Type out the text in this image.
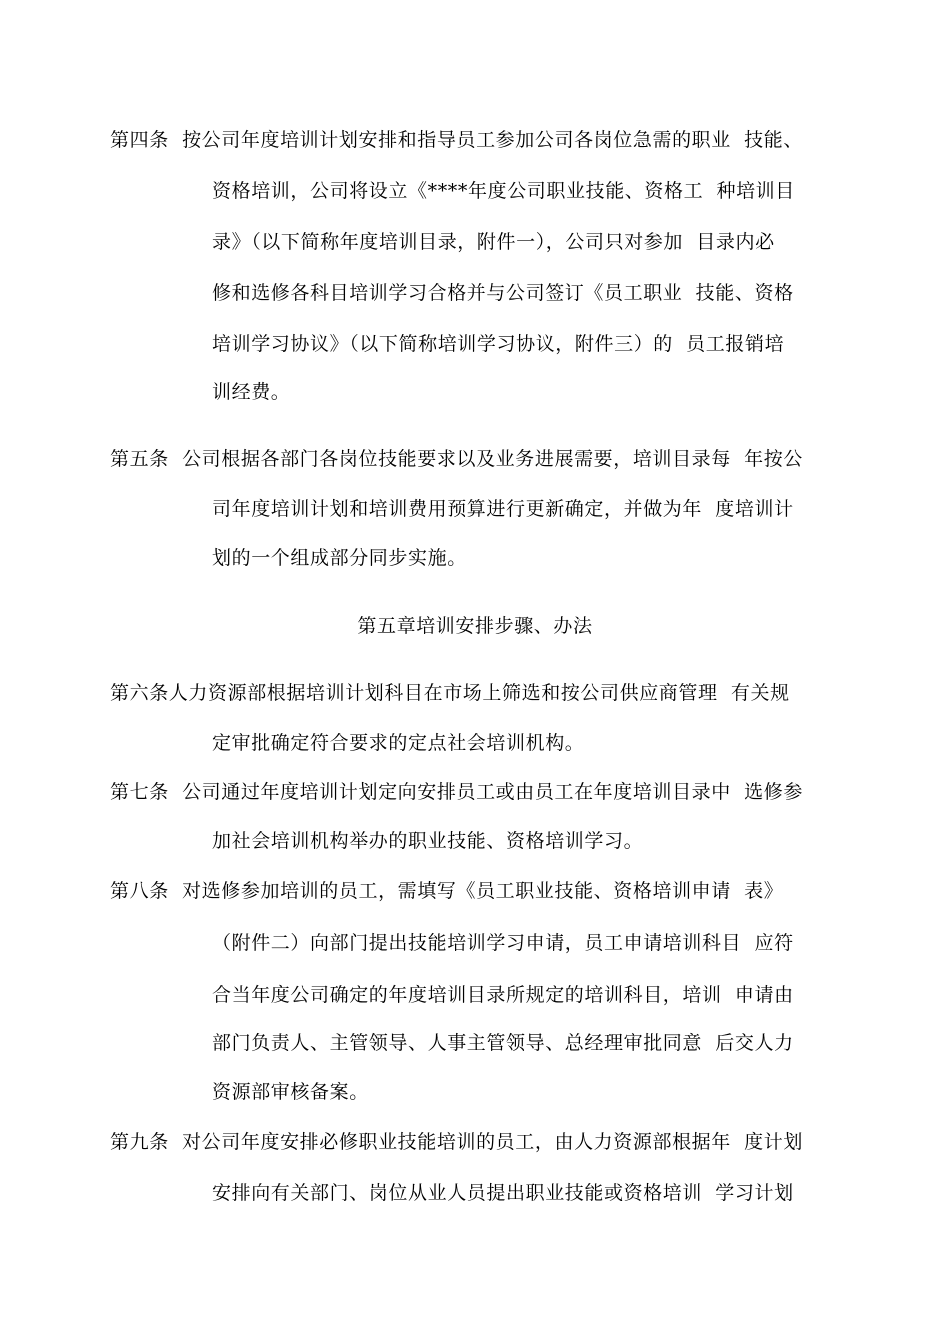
第四条  按公司年度培训计划安排和指导员工参加公司各岗位急需的职业  技能、
资格培训，公司将设立《****年度公司职业技能、资格工  种培训目
录》（以下简称年度培训目录，附件一），公司只对参加  目录内必
修和选修各科目培训学习合格并与公司签订《员工职业  技能、资格
培训学习协议》（以下简称培训学习协议，附件三）的  员工报销培
训经费。
第五条  公司根据各部门各岗位技能要求以及业务进展需要，培训目录每  年按公
司年度培训计划和培训费用预算进行更新确定，并做为年  度培训计
划的一个组成部分同步实施。
第五章培训安排步骤、办法
第六条人力资源部根据培训计划科目在市场上筛选和按公司供应商管理  有关规
定审批确定符合要求的定点社会培训机构。
第七条  公司通过年度培训计划定向安排员工或由员工在年度培训目录中  选修参
加社会培训机构举办的职业技能、资格培训学习。
第八条  对选修参加培训的员工，需填写《员工职业技能、资格培训申请  表》
（附件二）向部门提出技能培训学习申请，员工申请培训科目  应符
合当年度公司确定的年度培训目录所规定的培训科目，培训  申请由
部门负责人、主管领导、人事主管领导、总经理审批同意  后交人力
资源部审核备案。
第九条  对公司年度安排必修职业技能培训的员工，由人力资源部根据年  度计划
安排向有关部门、岗位从业人员提出职业技能或资格培训  学习计划
